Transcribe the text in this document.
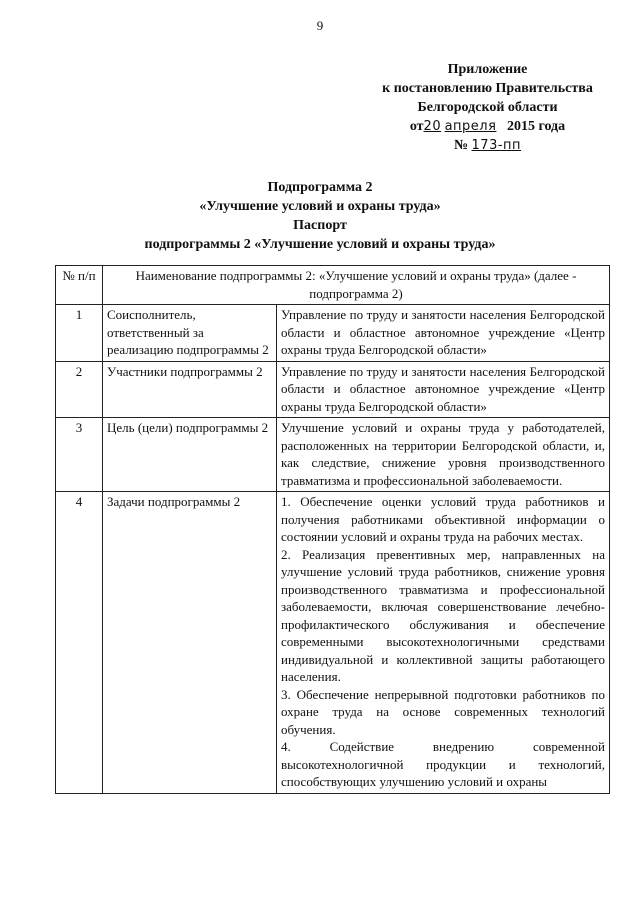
9
Приложение
к постановлению Правительства
Белгородской области
от20 апреля 2015 года
№ 173-пп
Подпрограмма 2
«Улучшение условий и охраны труда»
Паспорт
подпрограммы 2 «Улучшение условий и охраны труда»
№ п/п	Наименование подпрограммы 2: «Улучшение условий и охраны труда» (далее - подпрограмма 2)	
1	Соисполнитель, ответственный за реализацию подпрограммы 2	Управление по труду и занятости населения Белгородской области и областное автономное учреждение «Центр охраны труда Белгородской области»
2	Участники подпрограммы 2	Управление по труду и занятости населения Белгородской области и областное автономное учреждение «Центр охраны труда Белгородской области»
3	Цель (цели) подпрограммы 2	Улучшение условий и охраны труда у работодателей, расположенных на территории Белгородской области, и, как следствие, снижение уровня производственного травматизма и профессиональной заболеваемости.
4	Задачи подпрограммы 2	1. Обеспечение оценки условий труда работников и получения работниками объективной информации о состоянии условий и охраны труда на рабочих местах.
2. Реализация превентивных мер, направленных на улучшение условий труда работников, снижение уровня производственного травматизма и профессиональной заболеваемости, включая совершенствование лечебно-профилактического обслуживания и обеспечение современными высокотехнологичными средствами индивидуальной и коллективной защиты работающего населения.
3. Обеспечение непрерывной подготовки работников по охране труда на основе современных технологий обучения.
4. Содействие внедрению современной высокотехнологичной продукции и технологий, способствующих улучшению условий и охраны
